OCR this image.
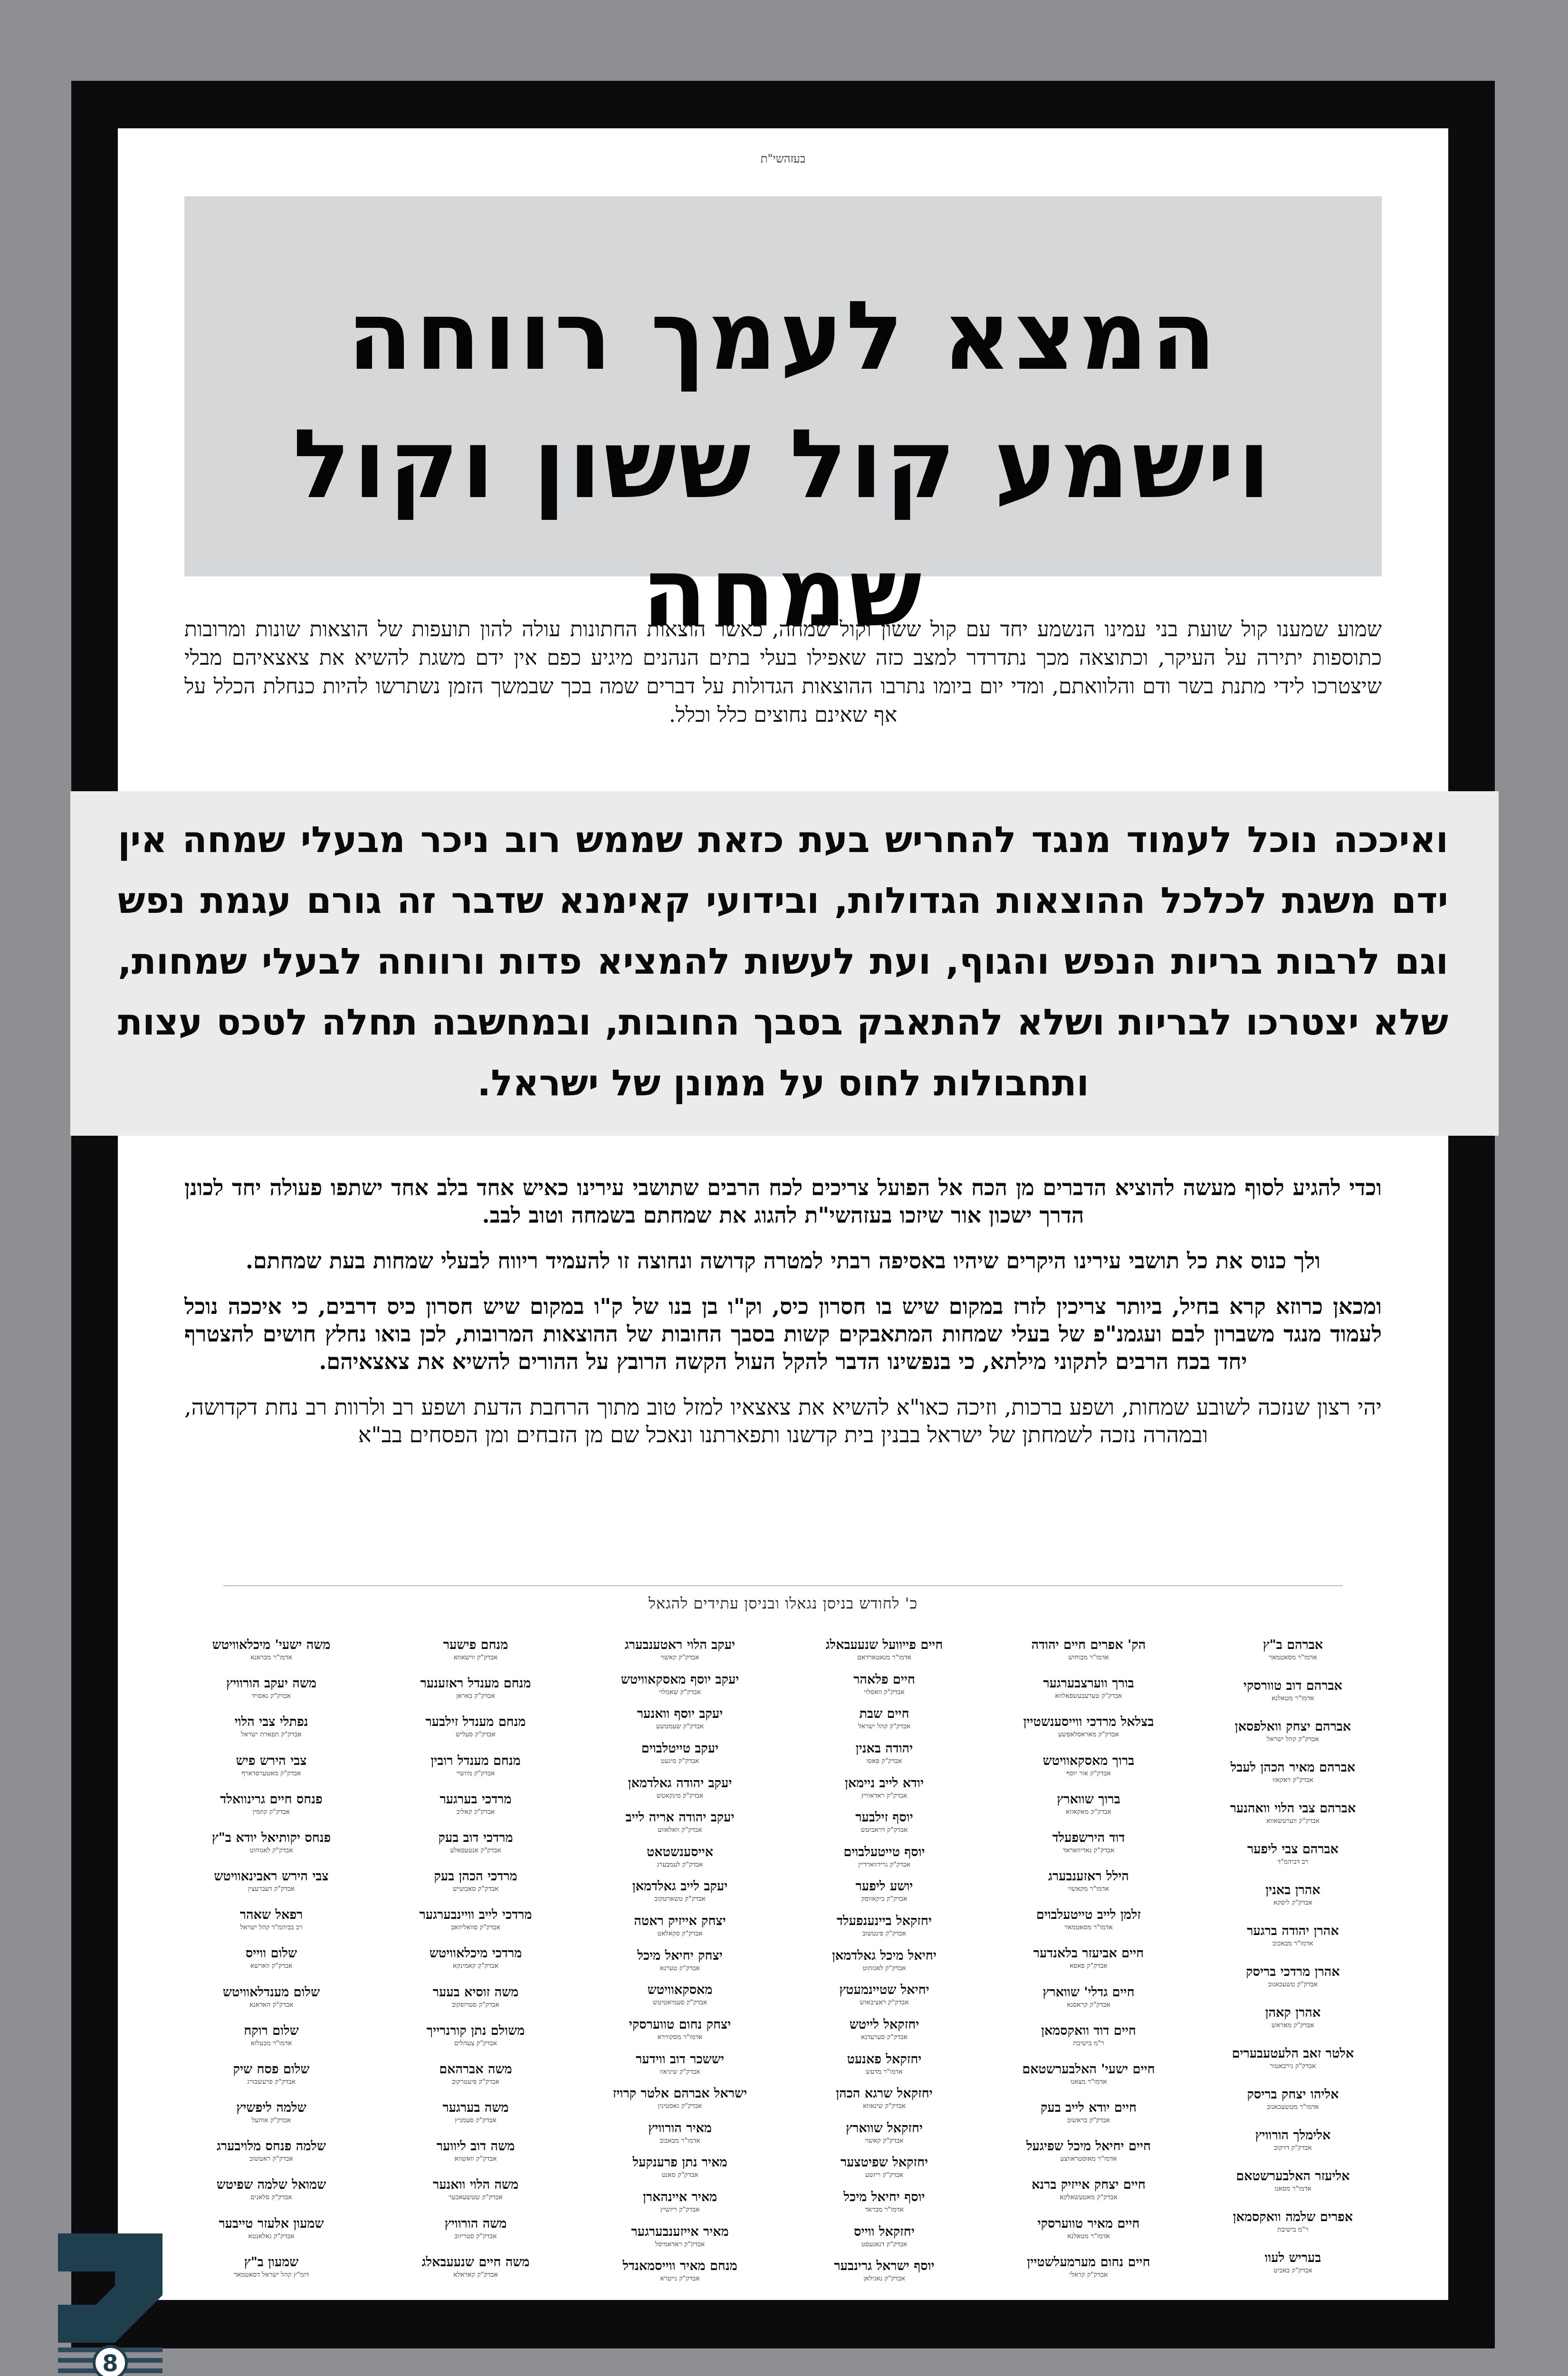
בעזהשי"ת
המצא לעמך רווחה
וישמע קול ששון וקול שמחה
שמוע שמענו קול שועת בני עמינו הנשמע יחד עם קול ששון וקול שמחה, כאשר הוצאות החתונות עולה להון תועפות של הוצאות שונות ומרובות כתוספות יתירה על העיקר, וכתוצאה מכך נתדרדר למצב כזה שאפילו בעלי בתים הנהנים מיגיע כפם אין ידם משגת להשיא את צאצאיהם מבלי שיצטרכו לידי מתנת בשר ודם והלוואתם, ומדי יום ביומו נתרבו ההוצאות הגדולות על דברים שמה בכך שבמשך הזמן נשתרשו להיות כנחלת הכלל על אף שאינם נחוצים כלל וכלל.

וכדי להגיע לסוף מעשה להוציא הדברים מן הכח אל הפועל צריכים לכח הרבים שתושבי עירינו כאיש אחד בלב אחד ישתפו פעולה יחד לכונן הדרך ישכון אור שיזכו בעזהשי"ת להגוג את שמחתם בשמחה וטוב לבב.

ולך כנוס את כל תושבי עירינו היקרים שיהיו באסיפה רבתי למטרה קדושה ונחוצה זו להעמיד ריווח לבעלי שמחות בעת שמחתם.

ומכאן כרוזא קרא בחיל, ביותר צריכין לזרז במקום שיש בו חסרון כיס, וק"ו בן בנו של ק"ו במקום שיש חסרון כיס דרבים, כי איככה נוכל לעמוד מנגד משברון לבם ועגמנ"פ של בעלי שמחות המתאבקים קשות בסבך החובות של ההוצאות המרובות, לכן בואו נחלץ חושים להצטרף יחד בכח הרבים לתקוני מילתא, כי בנפשינו הדבר להקל העול הקשה הרובץ על ההורים להשיא את צאצאיהם.

יהי רצון שנזכה לשובע שמחות, ושפע ברכות, וזיכה כאו"א להשיא את צאצאיו למזל טוב מתוך הרחבת הדעת ושפע רב ולרוות רב נחת דקדושה, ובמהרה נזכה לשמחתן של ישראל בבנין בית קדשנו ותפארתנו ונאכל שם מן הזבחים ומן הפסחים בב"א

כ' לחודש בניסן נגאלו ובניסן עתידים להגאל
אברהם ב"ץ
אדמו"ר מסאטמאר
אברהם דוב טוורסקי
אדמו"ר מטאלנא
אברהם יצחק וואלפסאן
אבדק"ק קהל ישראל
אברהם מאיר הכהן לעבל
אבדק"ק ראקאוו
אברהם צבי הלוי וואהנער
אבדק"ק ווערטשאווא
אברהם צבי ליפער
רב דביהמ"ד
אהרן באנין
אבדק"ק ליסקא
אהרן יהודה ברגער
אדמו"ר מבאכוב
אהרן מרדכי בריסק
אבדק"ק טשעכאנוב
אהרן קאהן
אבדק"ק מאראש
אלטר זאב הלעטעבערים
אבדק"ק נירבאטור
אליהו יצחק בריסק
אדמו"ר מטשעכאנוב
אלימלך הורוויץ
אבדק"ק דזיקוב
אליעזר האלבערשטאם
אדמו"ר מסאנז
אפרים שלמה וואקסמאן
ר"מ בישיבת
בעריש לעוו
אבדק"ק באביט
הק' אפרים חיים יהודה
אדמו"ר מבוחוש
בורך ווערצבערגער
אבדק"ק טערעבעשפאלווא
בצלאל מרדכי ווייסענשטיין
אבדק"ק מאראסלאפשע
ברוך מאסקאוויטש
אבדק"ק אור יוסף
ברוך שווארץ
אבדק"ק מאקאווא
דוד הירשפעלד
אבדק"ק נאדיוואראד
הילל ראזענבערג
אדמו"ר מקאשוי
זלמן לייב טייטעלבוים
אדמו"ר מסאטמאר
חיים אביעזר בלאנדער
אבדק"ק פאפא
חיים גדלי' שווארץ
אבדק"ק קראסנא
חיים דוד וואקסמאן
ר"מ בישיבת
חיים ישעי' האלבערשטאם
אדמו"ר מצאנז
חיים יודא לייב בעק
אבדק"ק בראשוב
חיים יחיאל מיכל שפיגעל
אדמו"ר מאוסטראווצע
חיים יצחק אייזיק ברנא
אבדק"ק מאטעשאלקא
חיים מאיר טווערסקי
אדמו"ר מטאלנא
חיים נחום מערמעלשטיין
אבדק"ק קראלי
חיים פייוועל שנעעבאלג
אדמו"ר מנאטארדאם
חיים פלאהר
אבדק"ק וואסלוי
חיים שבת
אבדק"ק קהל ישראל
יהודה באנין
אבדק"ק פאסו
יודא לייב ניימאן
אבדק"ק ראדאוויץ
יוסף זילבער
אבדק"ק דראביטש
יוסף טייטעלבוים
אבדק"ק גרידווארדיין
יושע ליפער
אבדק"ק ביקאווסק
יחזקאל ביינענפעלד
אבדק"ק פינטשוב
יחיאל מיכל גאלדמאן
אבדק"ק לאנזהוט
יחיאל שטיינמעטץ
אבדק"ק ראציבאזש
יחזקאל לייטש
אבדק"ק סערעדנא
יחזקאל פאנעט
אדמו"ר מדעש
יחזקאל שרגא הכהן
אבדק"ק שינאווא
יחזקאל שווארץ
אבדק"ק קאשוי
יחזקאל שפיטצער
אבדק"ק ריזשע
יוסף יחיאל מיכל
אדמו"ר מבראד
יחזקאל ווייס
אבדק"ק דנאנעסט
יוסף ישראל גרינבער
אבדק"ק נאגילאן
יעקב הלוי ראטענבערג
אבדק"ק קאשוי
יעקב יוסף מאסקאוויטש
אבדק"ק שאמלוי
יעקב יוסף וואנער
אבדק"ק שעמטשע
יעקב טייטלבוים
אבדק"ק סיגעט
יעקב יהודה גאלדמאן
אבדק"ק מינקאטש
יעקב יהודה אריה לייב
אבדק"ק וואלאווע
אייסענשטאט
אבדק"ק לעמבערג
יעקב לייב גאלדמאן
אבדק"ק טשארטקוב
יצחק אייזיק ראטה
אבדק"ק סקאלאט
יצחק יחיאל מיכל
אבדק"ק טערנא
מאסקאוויטש
אבדק"ק סעמיאטיטש
יצחק נחום טווערסקי
אדמו"ר מסקווירא
יששכר דוב ווידער
אבדק"ק שיניאוו
ישראל אברהם אלטר קרויז
אבדק"ק גאסטינין
מאיר הורוויץ
אדמו"ר מבאבוב
מאיר נתן פרענקעל
אבדק"ק סאנט
מאיר איינהארן
אבדק"ק ריזשיץ
מאיר אייזענבערגער
אבדק"ק ראדאמיסל
מנחם מאיר ווייסמאנדל
אבדק"ק נייטרא
מנחם פישער
אבדק"ק ווישאווא
מנחם מענדל ראזענער
אבדק"ק באראן
מנחם מענדל זילבער
אבדק"ק סעליש
מנחם מענדל רובין
אבדק"ק מוזשיי
מרדכי בערגער
אבדק"ק קאליב
מרדכי דוב בעק
אבדק"ק אנטעפאלע
מרדכי הכהן בעק
אבדק"ק סאבוטיש
מרדכי לייב וויינבערגער
אבדק"ק סוואליוואב
מרדכי מיכלאוויטש
אבדק"ק קאמינקא
משה זוסיא בעער
אבדק"ק סטרופקוב
משולם נתן קורנרייך
אבדק"ק צעהלים
משה אברהאם
אבדק"ק פיעטרקוב
משה בערגער
אבדק"ק סעמניץ
משה דוב ליווער
אבדק"ק וואשווא
משה הלוי וואנער
אבדק"ק שטשעאבער
משה הורוויץ
אבדק"ק סטריזוב
משה חיים שנעעבאלג
אבדק"ק קאראלא
משה ישעי' מיכלאוויטש
אדמו"ר מבראנא
משה יעקב הורוויץ
אבדק"ק נאסויד
נפתלי צבי הלוי
אבדק"ק תפארת ישראל
צבי הירש פיש
אבדק"ק מאטערסדארף
פנחס חיים גרינוואלד
אבדק"ק קוזמין
פנחס יקותיאל יודא ב"ץ
אבדק"ק לאנזהוט
צבי הירש ראבינאוויטש
אבדק"ק דעברעצין
רפאל שאהר
רב בביהמ"ד קהל ישראל
שלום ווייס
אבדק"ק ווארשא
שלום מענדלאוויטש
אבדק"ק האדאנא
שלום רוקח
אדמו"ר מבעלזא
שלום פסח שיק
אבדק"ק פרעשבורג
שלמה ליפשיץ
אבדק"ק אוהעל
שלמה פנחס מלויבערג
אבדק"ק ראטשוב
שמואל שלמה שפיטש
אבדק"ק סלאנים
שמעון אלעזר טייבער
אבדק"ק גאלאנטא
שמעון ב"ץ
דומ"ץ קהל ישראל דסאטמאר
ואיככה נוכל לעמוד מנגד להחריש בעת כזאת שממש רוב ניכר מבעלי שמחה אין ידם משגת לכלכל ההוצאות הגדולות, ובידועי קאימנא שדבר זה גורם עגמת נפש וגם לרבות בריות הנפש והגוף, ועת לעשות להמציא פדות ורווחה לבעלי שמחות, שלא יצטרכו לבריות ושלא להתאבק בסבך החובות, ובמחשבה תחלה לטכס עצות ותחבולות לחוס על ממונן של ישראל.
8
